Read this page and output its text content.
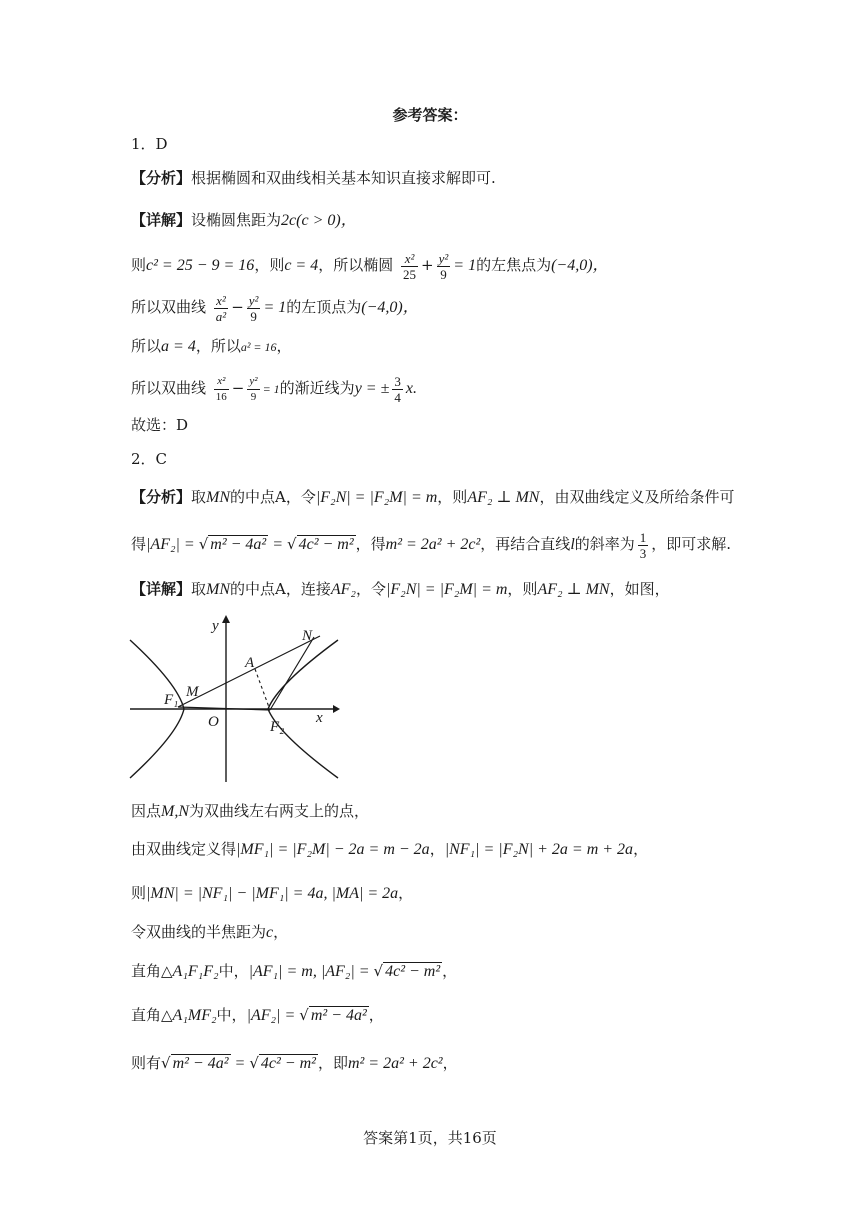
参考答案：
1．D
【分析】根据椭圆和双曲线相关基本知识直接求解即可.
【详解】设椭圆焦距为2c(c > 0)，
则c² = 25 − 9 = 16，则c = 4，所以椭圆 $\frac{\text{x²}}{25} + \frac{\text{y²}}{9} = 1$的左焦点为(−4,0)，
所以双曲线 $\frac{\text{x²}}{\text{a²}} - \frac{\text{y²}}{9} = 1$的左顶点为(−4,0)，
所以a = 4，所以a² = 16，
所以双曲线 $\frac{\text{x²}}{16} - \frac{\text{y²}}{9} = 1$的渐近线为y = ± $\frac{3}{4} x$.
故选：D
2．C
【分析】取MN的中点A，令|F₂N| = |F₂M| = m，则AF₂ ⊥ MN，由双曲线定义及所给条件可
得|AF₂| = √ m² − 4a² = √ 4c² − m² ，得m² = 2a² + 2c²，再结合直线l的斜率为 $\frac{1}{3}$ ，即可求解.
【详解】取MN的中点A，连接AF₂，令|F₂N| = |F₂M| = m，则AF₂ ⊥ MN，如图，
y
x
N
A
M
F₁
O	F₂
因点M,N为双曲线左右两支上的点，
由双曲线定义得|MF₁| = |F₂M| − 2a = m − 2a，|NF₁| = |F₂N| + 2a = m + 2a，
则|MN| = |NF₁| − |MF₁| = 4a, |MA| = 2a，
令双曲线的半焦距为c，
直角△A₁F₁F₂中，|AF₁| = m, |AF₂| = √ 4c² − m² ，
直角△A₁MF₂中，|AF₂| = √ m² − 4a² ，
则有√ m² − 4a² = √ 4c² − m² ，即m² = 2a² + 2c²，
答案第1页，共16页
